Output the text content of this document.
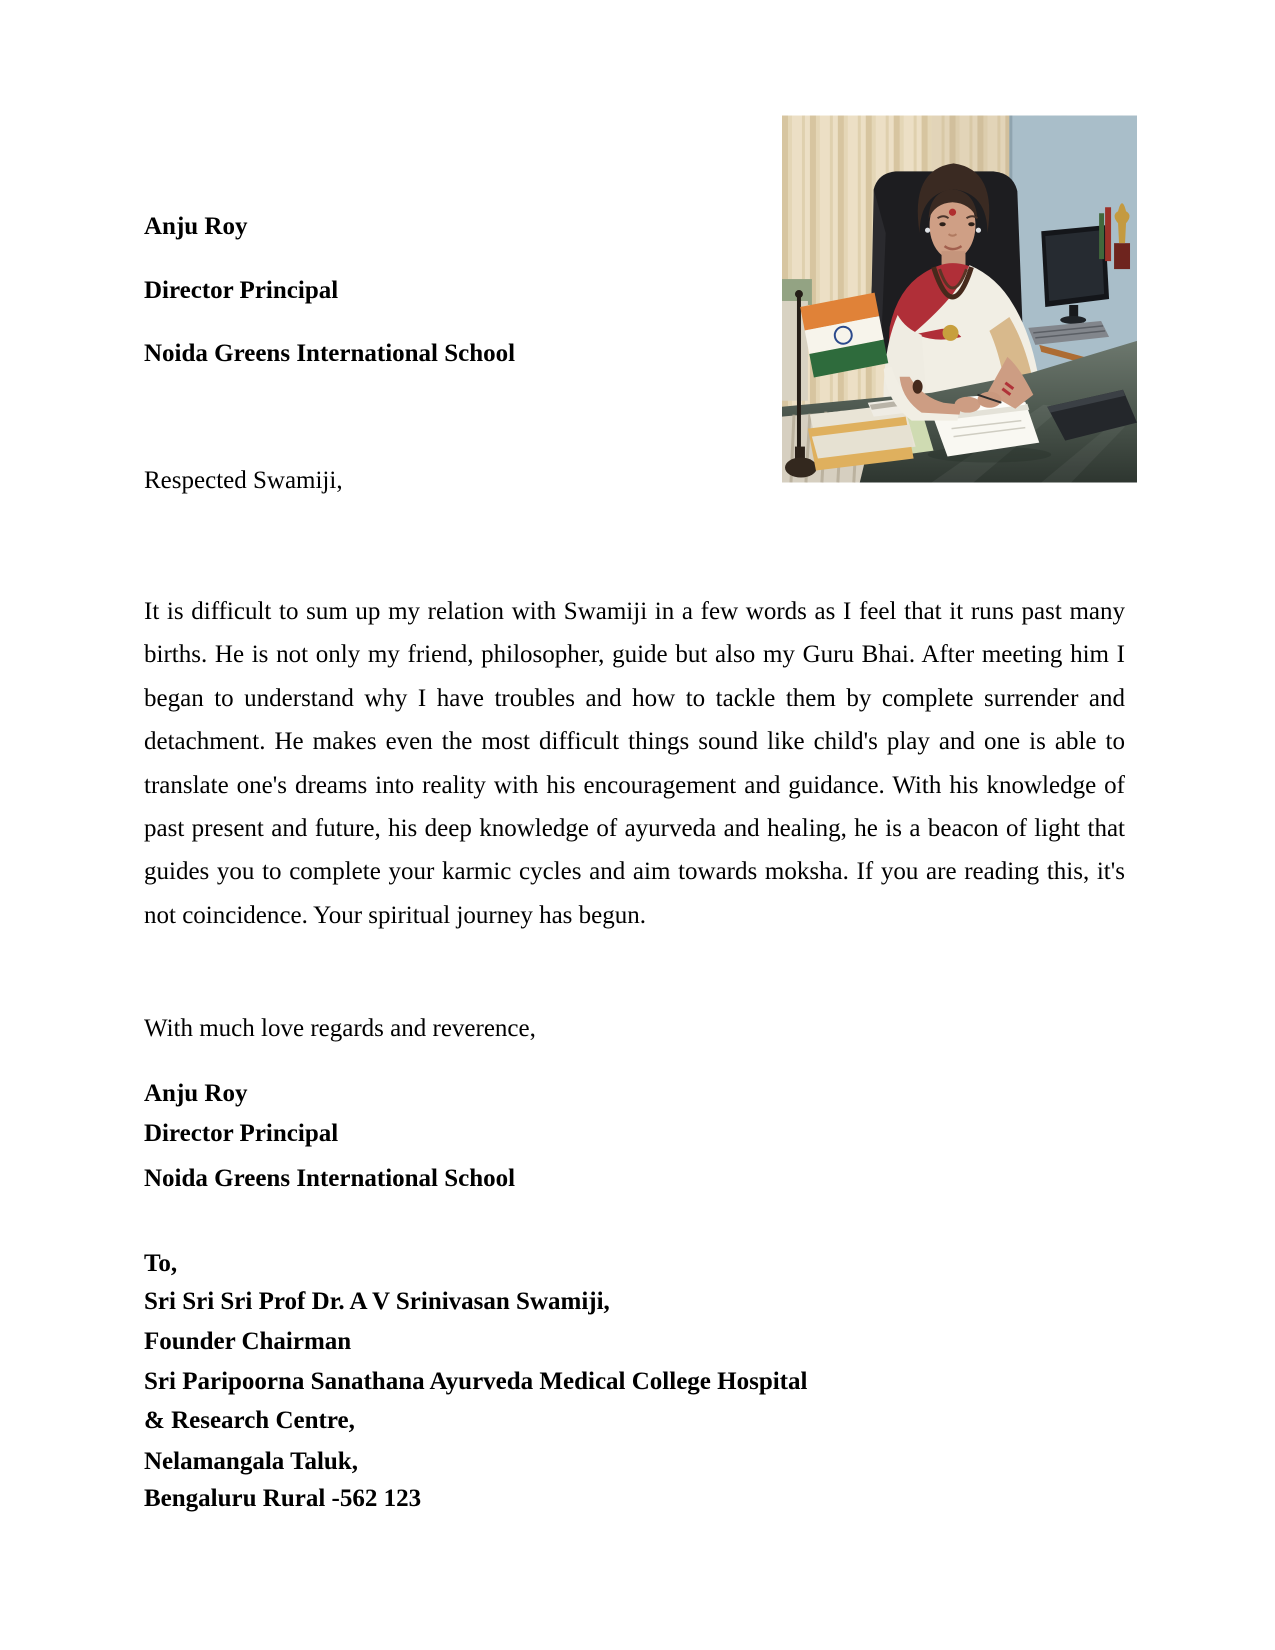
Anju Roy
Director Principal
Noida Greens International School
Respected Swamiji,
It is difficult to sum up my relation with Swamiji in a few words as I feel that it runs past many births. He is not only my friend, philosopher, guide but also my Guru Bhai. After meeting him I began to understand why I have troubles and how to tackle them by complete surrender and detachment. He makes even the most difficult things sound like child's play and one is able to translate one's dreams into reality with his encouragement and guidance. With his knowledge of past present and future, his deep knowledge of ayurveda and healing, he is a beacon of light that guides you to complete your karmic cycles and aim towards moksha. If you are reading this, it's not coincidence. Your spiritual journey has begun.
With much love regards and reverence,
Anju Roy
Director Principal
Noida Greens International School
To,
Sri Sri Sri Prof Dr. A V Srinivasan Swamiji,
Founder Chairman
Sri Paripoorna Sanathana Ayurveda Medical College Hospital
& Research Centre,
Nelamangala Taluk,
Bengaluru Rural -562 123
